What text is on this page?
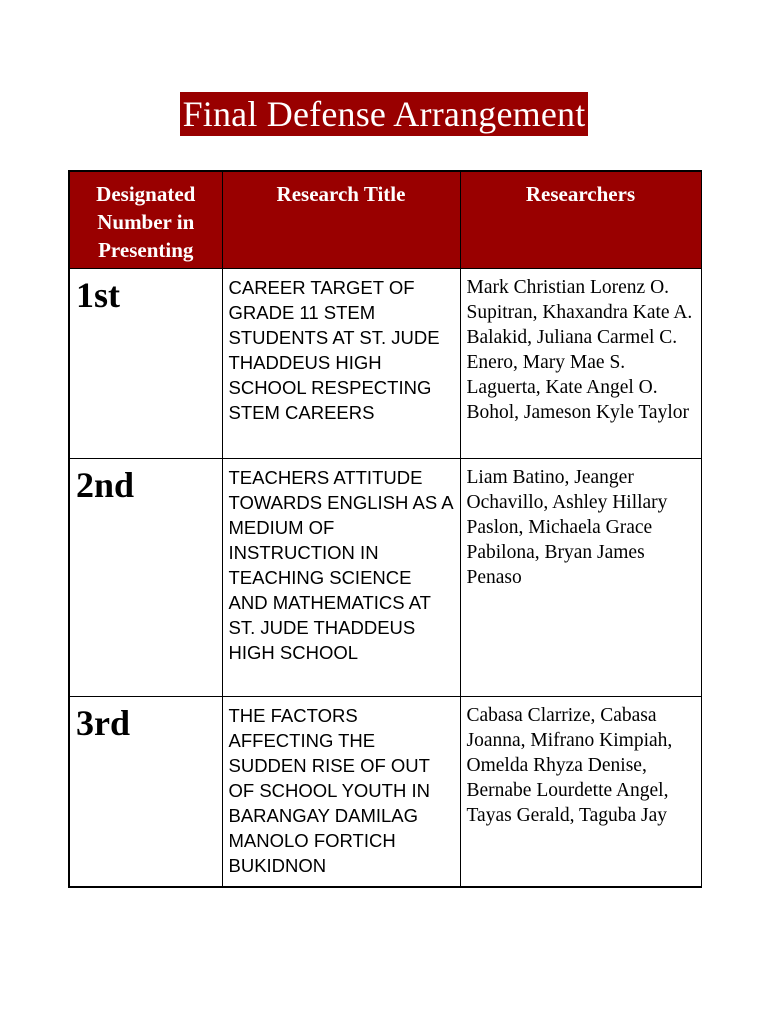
Final Defense Arrangement
Designated Number in Presenting	Research Title	Researchers
1st	CAREER TARGET OF GRADE 11 STEM STUDENTS AT ST. JUDE THADDEUS HIGH SCHOOL RESPECTING STEM CAREERS	Mark Christian Lorenz O. Supitran, Khaxandra Kate A. Balakid, Juliana Carmel C. Enero, Mary Mae S. Laguerta, Kate Angel O. Bohol, Jameson Kyle Taylor
2nd	TEACHERS ATTITUDE TOWARDS ENGLISH AS A MEDIUM OF INSTRUCTION IN TEACHING SCIENCE AND MATHEMATICS AT ST. JUDE THADDEUS HIGH SCHOOL	Liam Batino, Jeanger Ochavillo, Ashley Hillary Paslon, Michaela Grace Pabilona, Bryan James Penaso
3rd	THE FACTORS AFFECTING THE SUDDEN RISE OF OUT OF SCHOOL YOUTH IN BARANGAY DAMILAG MANOLO FORTICH BUKIDNON	Cabasa Clarrize, Cabasa Joanna, Mifrano Kimpiah, Omelda Rhyza Denise, Bernabe Lourdette Angel, Tayas Gerald, Taguba Jay
